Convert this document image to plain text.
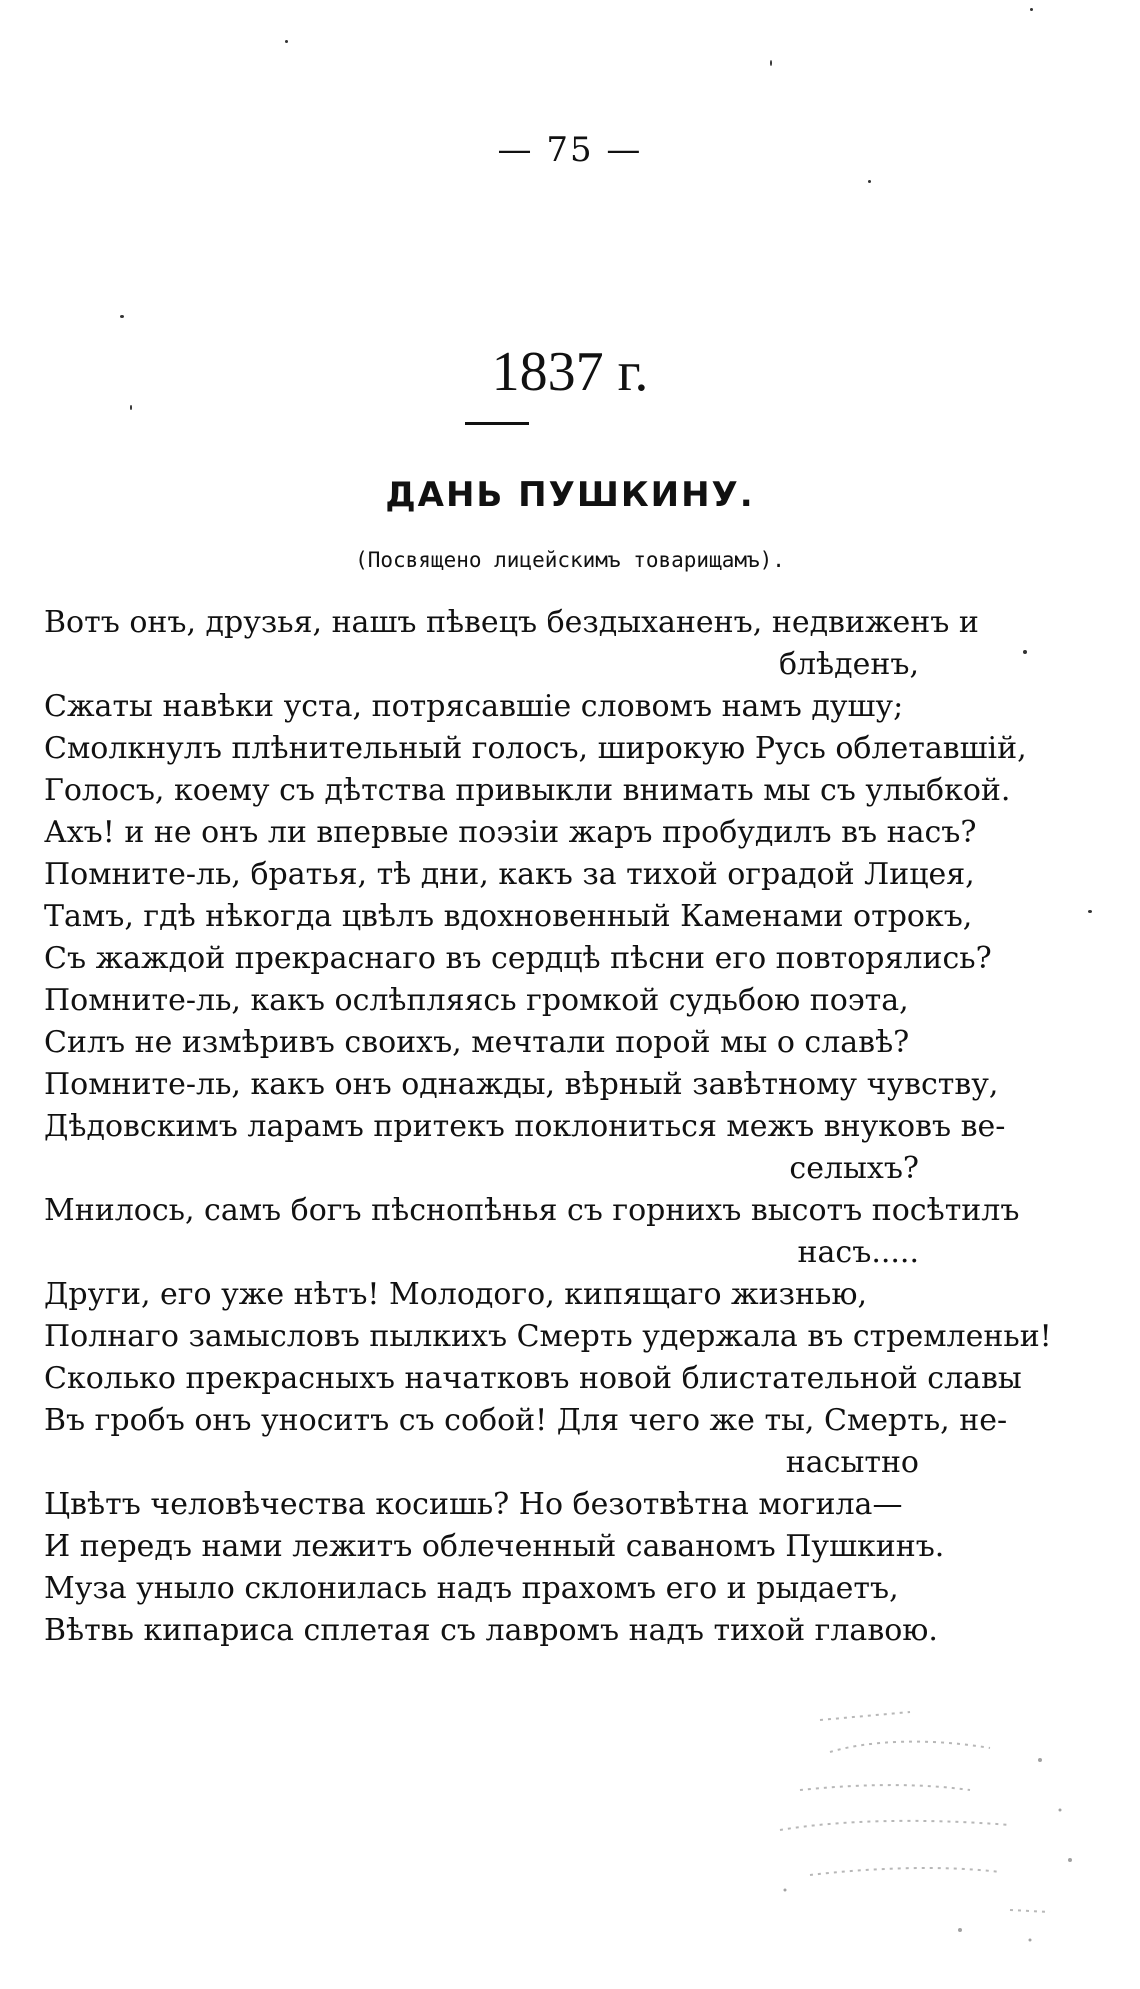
— 75 —
1837 г.
ДАНЬ ПУШКИНУ.
(Посвящено лицейскимъ товарищамъ).
Вотъ онъ, друзья, нашъ пѣвецъ бездыханенъ, недвиженъ и
блѣденъ,
Сжаты навѣки уста, потрясавшіе словомъ намъ душу;
Смолкнулъ плѣнительный голосъ, широкую Русь облетавшій,
Голосъ, коему съ дѣтства привыкли внимать мы съ улыбкой.
Ахъ! и не онъ ли впервые поэзіи жаръ пробудилъ въ насъ?
Помните-ль, братья, тѣ дни, какъ за тихой оградой Лицея,
Тамъ, гдѣ нѣкогда цвѣлъ вдохновенный Каменами отрокъ,
Съ жаждой прекраснаго въ сердцѣ пѣсни его повторялись?
Помните-ль, какъ ослѣпляясь громкой судьбою поэта,
Силъ не измѣривъ своихъ, мечтали порой мы о славѣ?
Помните-ль, какъ онъ однажды, вѣрный завѣтному чувству,
Дѣдовскимъ ларамъ притекъ поклониться межъ внуковъ ве-
селыхъ?
Мнилось, самъ богъ пѣснопѣнья съ горнихъ высотъ посѣтилъ
насъ.....
Други, его уже нѣтъ! Молодого, кипящаго жизнью,
Полнаго замысловъ пылкихъ Смерть удержала въ стремленьи!
Сколько прекрасныхъ начатковъ новой блистательной славы
Въ гробъ онъ уноситъ съ собой! Для чего же ты, Смерть, не-
насытно
Цвѣтъ человѣчества косишь? Но безотвѣтна могила—
И передъ нами лежитъ облеченный саваномъ Пушкинъ.
Муза уныло склонилась надъ прахомъ его и рыдаетъ,
Вѣтвь кипариса сплетая съ лавромъ надъ тихой главою.
